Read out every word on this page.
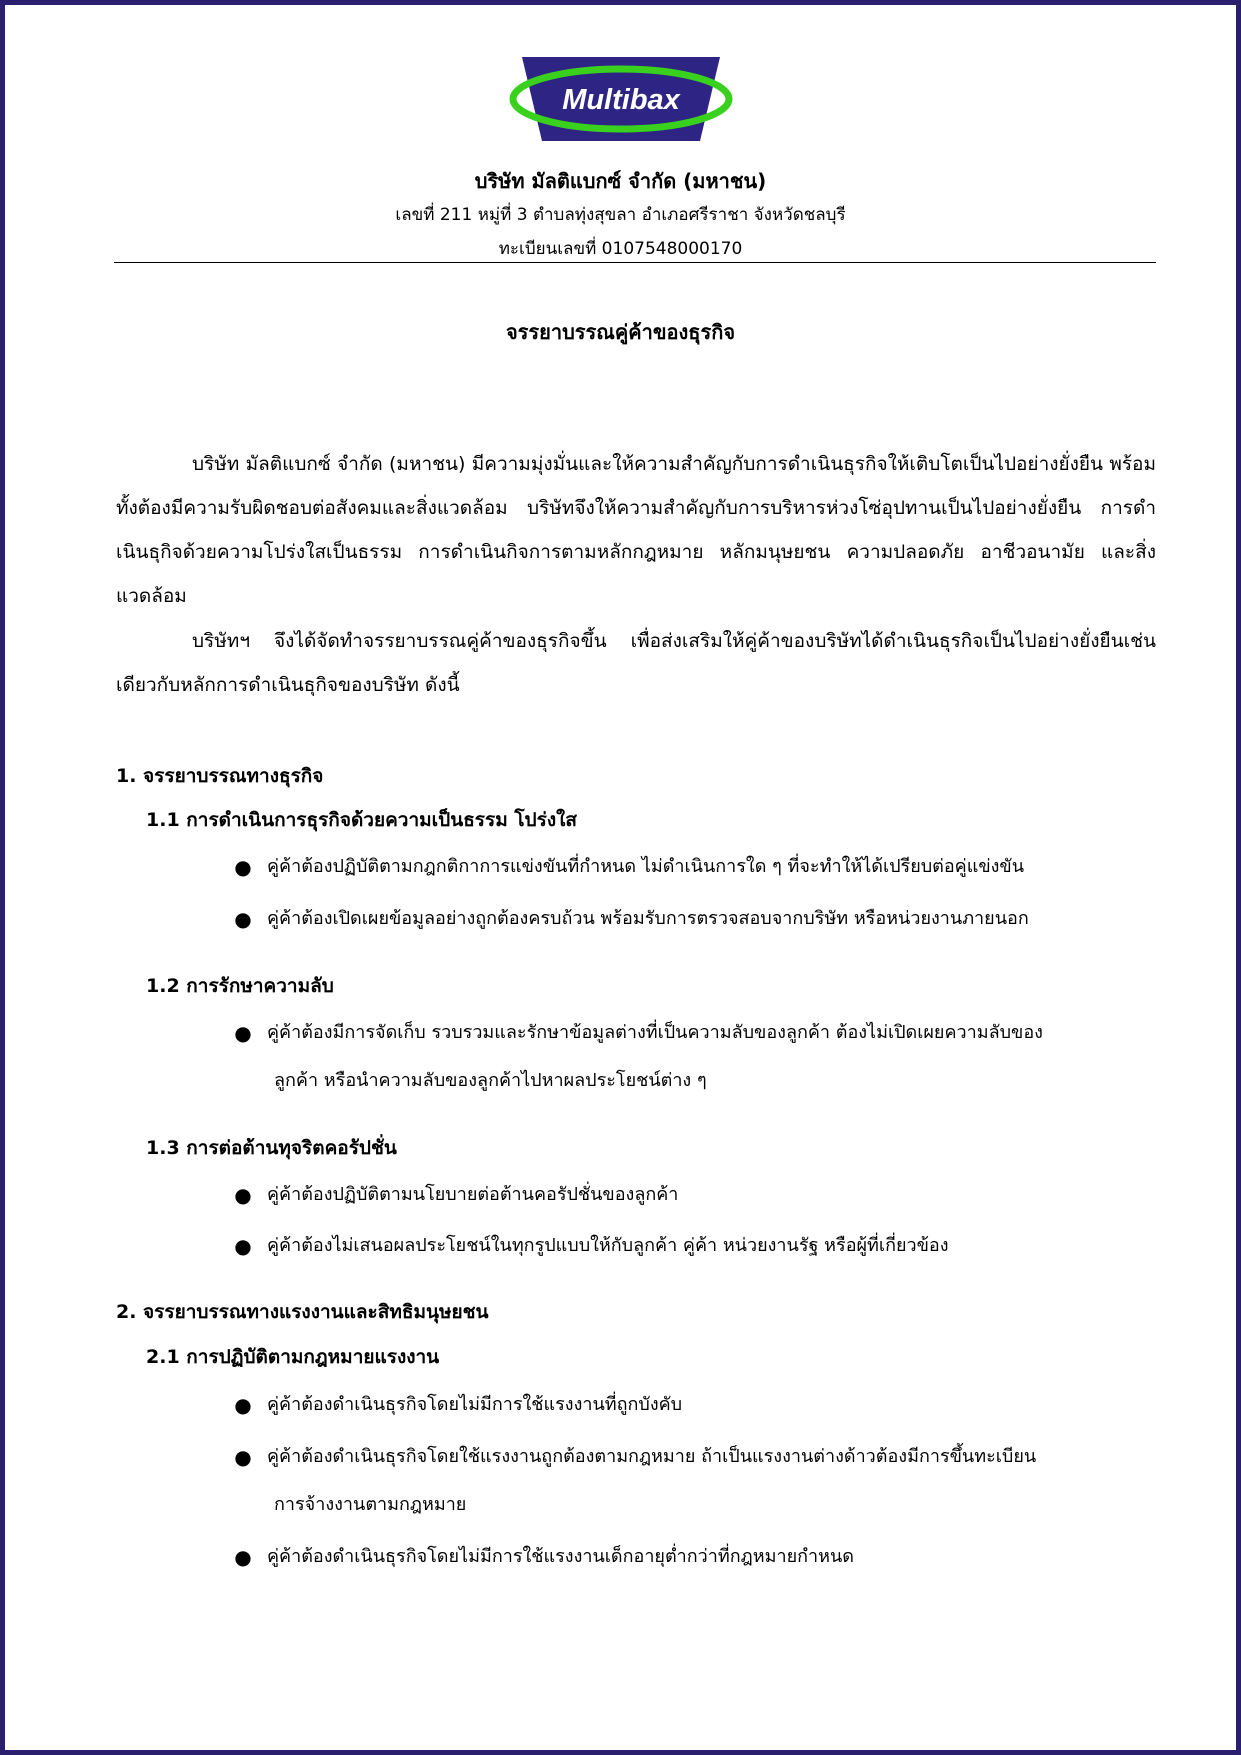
Multibax
บริษัท มัลติแบกซ์ จำกัด (มหาชน)
เลขที่ 211 หมู่ที่ 3 ตำบลทุ่งสุขลา อำเภอศรีราชา จังหวัดชลบุรี
ทะเบียนเลขที่ 0107548000170
จรรยาบรรณคู่ค้าของธุรกิจ
บริษัท มัลติแบกซ์ จำกัด (มหาชน) มีความมุ่งมั่นและให้ความสำคัญกับการดำเนินธุรกิจให้เติบโตเป็นไปอย่างยั่งยืน พร้อมทั้งต้องมีความรับผิดชอบต่อสังคมและสิ่งแวดล้อม บริษัทจึงให้ความสำคัญกับการบริหารห่วงโซ่อุปทานเป็นไปอย่างยั่งยืน การดำเนินธุกิจด้วยความโปร่งใสเป็นธรรม การดำเนินกิจการตามหลักกฎหมาย หลักมนุษยชน ความปลอดภัย อาชีวอนามัย และสิ่งแวดล้อม
บริษัทฯ จึงได้จัดทำจรรยาบรรณคู่ค้าของธุรกิจขึ้น เพื่อส่งเสริมให้คู่ค้าของบริษัทได้ดำเนินธุรกิจเป็นไปอย่างยั่งยืนเช่นเดียวกับหลักการดำเนินธุกิจของบริษัท ดังนี้
1. จรรยาบรรณทางธุรกิจ
1.1 การดำเนินการธุรกิจด้วยความเป็นธรรม โปร่งใส
● คู่ค้าต้องปฏิบัติตามกฎกติกาการแข่งขันที่กำหนด ไม่ดำเนินการใด ๆ ที่จะทำให้ได้เปรียบต่อคู่แข่งขัน
● คู่ค้าต้องเปิดเผยข้อมูลอย่างถูกต้องครบถ้วน พร้อมรับการตรวจสอบจากบริษัท หรือหน่วยงานภายนอก
1.2 การรักษาความลับ
● คู่ค้าต้องมีการจัดเก็บ รวบรวมและรักษาข้อมูลต่างที่เป็นความลับของลูกค้า ต้องไม่เปิดเผยความลับของ
ลูกค้า หรือนำความลับของลูกค้าไปหาผลประโยชน์ต่าง ๆ
1.3 การต่อต้านทุจริตคอรัปชั่น
● คู่ค้าต้องปฏิบัติตามนโยบายต่อต้านคอรัปชั่นของลูกค้า
● คู่ค้าต้องไม่เสนอผลประโยชน์ในทุกรูปแบบให้กับลูกค้า คู่ค้า หน่วยงานรัฐ หรือผู้ที่เกี่ยวข้อง
2. จรรยาบรรณทางแรงงานและสิทธิมนุษยชน
2.1 การปฏิบัติตามกฎหมายแรงงาน
● คู่ค้าต้องดำเนินธุรกิจโดยไม่มีการใช้แรงงานที่ถูกบังคับ
● คู่ค้าต้องดำเนินธุรกิจโดยใช้แรงงานถูกต้องตามกฎหมาย ถ้าเป็นแรงงานต่างด้าวต้องมีการขึ้นทะเบียน
การจ้างงานตามกฎหมาย
● คู่ค้าต้องดำเนินธุรกิจโดยไม่มีการใช้แรงงานเด็กอายุต่ำกว่าที่กฎหมายกำหนด
